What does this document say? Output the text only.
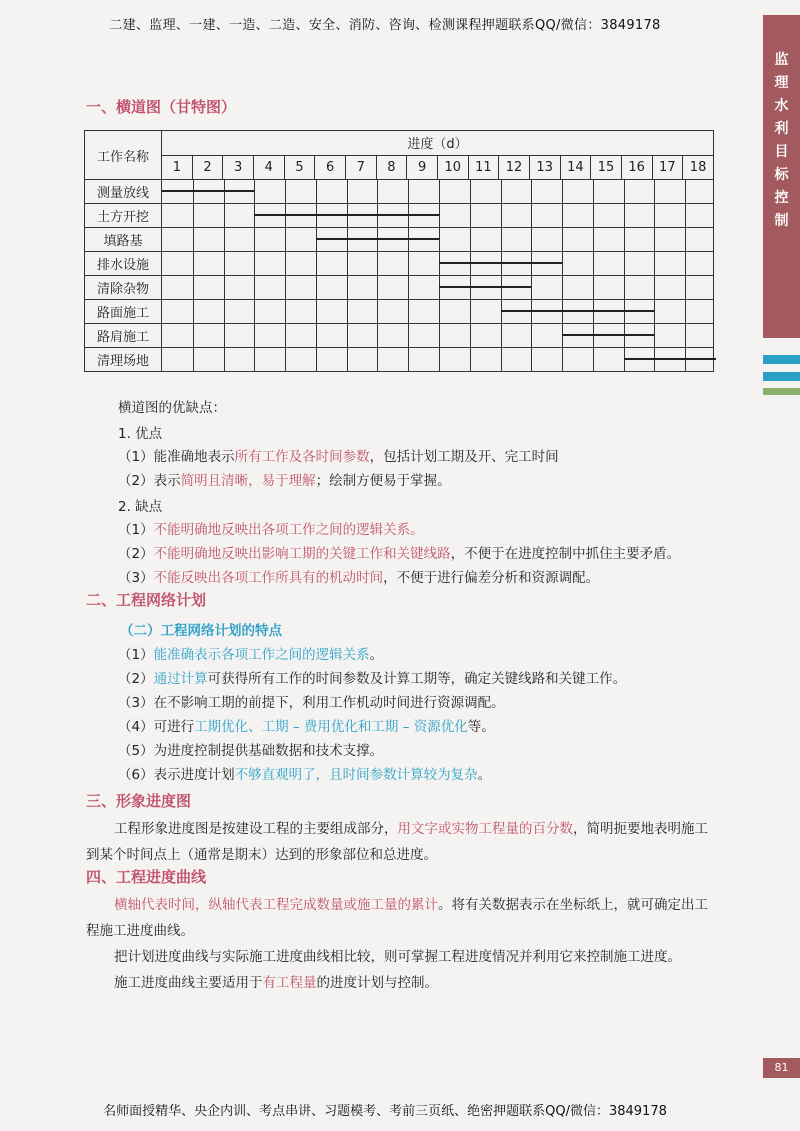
二建、监理、一建、一造、二造、安全、消防、咨询、检测课程押题联系QQ/微信：3849178
监
理
水
利
目
标
控
制
一、横道图（甘特图）
工作名称	进度（d）																	
	1	2	3	4	5	6	7	8	9	10	11	12	13	14	15	16	17	18
测量放线																		

土方开挖																		

填路基																		

排水设施																		

清除杂物																		

路面施工																		

路肩施工																		

清理场地																		
横道图的优缺点：
1. 优点
（1）能准确地表示所有工作及各时间参数，包括计划工期及开、完工时间
（2）表示简明且清晰，易于理解；绘制方便易于掌握。
2. 缺点
（1）不能明确地反映出各项工作之间的逻辑关系。
（2）不能明确地反映出影响工期的关键工作和关键线路，不便于在进度控制中抓住主要矛盾。
（3）不能反映出各项工作所具有的机动时间，不便于进行偏差分析和资源调配。
二、工程网络计划
（二）工程网络计划的特点
（1）能准确表示各项工作之间的逻辑关系。
（2）通过计算可获得所有工作的时间参数及计算工期等，确定关键线路和关键工作。
（3）在不影响工期的前提下，利用工作机动时间进行资源调配。
（4）可进行工期优化、工期 – 费用优化和工期 – 资源优化等。
（5）为进度控制提供基础数据和技术支撑。
（6）表示进度计划不够直观明了，且时间参数计算较为复杂。
三、形象进度图
工程形象进度图是按建设工程的主要组成部分，用文字或实物工程量的百分数，简明扼要地表明施工到某个时间点上（通常是期末）达到的形象部位和总进度。
四、工程进度曲线
横轴代表时间，纵轴代表工程完成数量或施工量的累计。将有关数据表示在坐标纸上，就可确定出工程施工进度曲线。
把计划进度曲线与实际施工进度曲线相比较，则可掌握工程进度情况并利用它来控制施工进度。
施工进度曲线主要适用于有工程量的进度计划与控制。
81
名师面授精华、央企内训、考点串讲、习题模考、考前三页纸、绝密押题联系QQ/微信：3849178
